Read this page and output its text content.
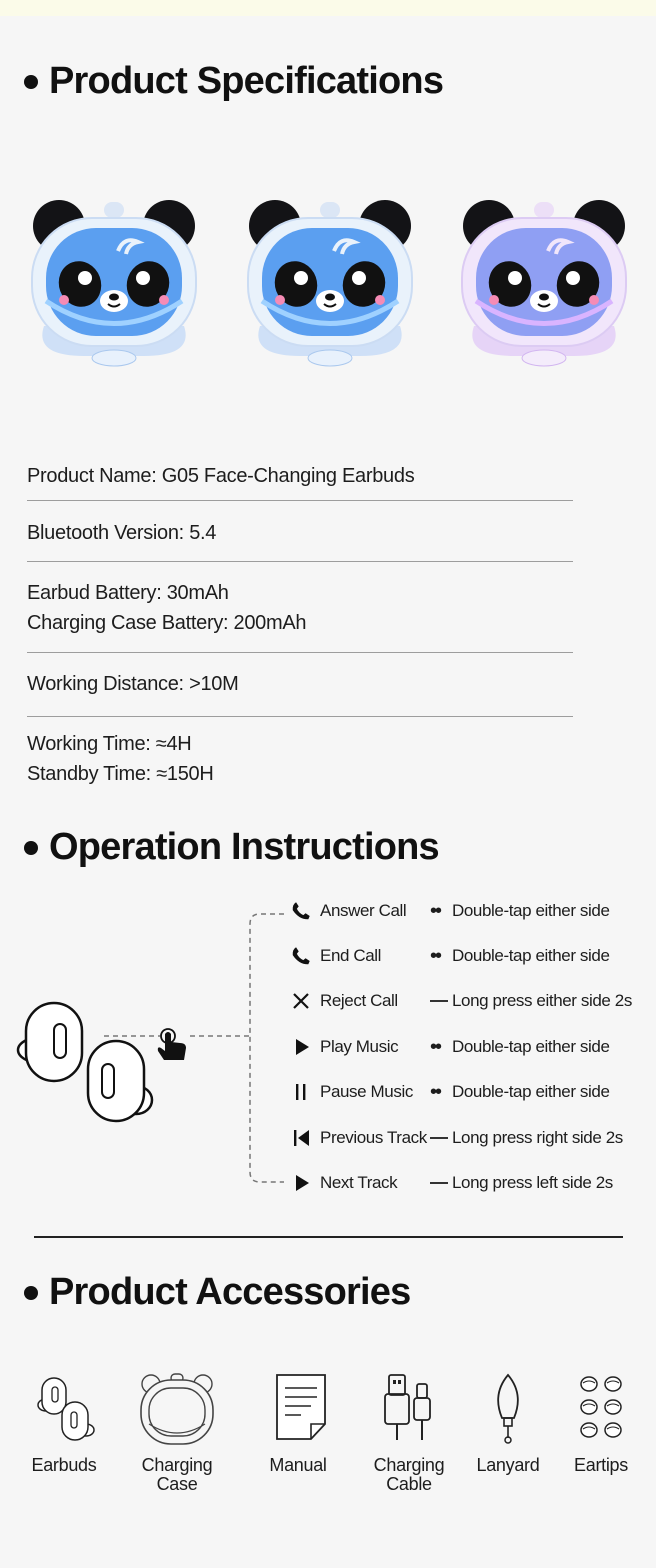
Product Specifications
Product Name: G05 Face-Changing Earbuds
Bluetooth Version: 5.4
Earbud Battery: 30mAh
Charging Case Battery: 200mAh
Working Distance: >10M
Working Time: ≈4H
Standby Time: ≈150H
Operation Instructions
Answer Call	•• Double-tap either side
End Call	•• Double-tap either side
Reject Call	Long press either side 2s
Play Music	•• Double-tap either side
Pause Music •• Double-tap either side
Previous Track Long press right side 2s
Next Track	Long press left side 2s
Product Accessories
Earbuds	Charging
Case
Manual	Charging
Cable
Lanyard	Eartips
